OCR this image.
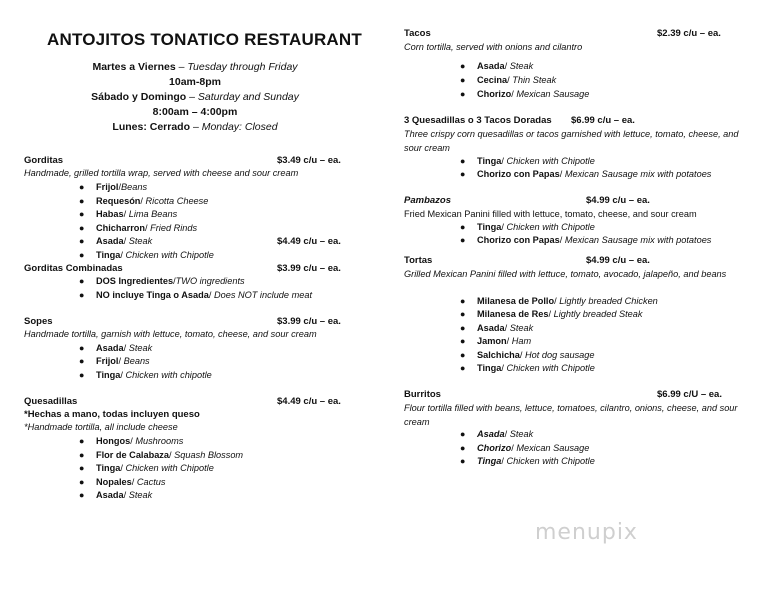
ANTOJITOS TONATICO RESTAURANT
Martes a Viernes – Tuesday through Friday
10am-8pm
Sábado y Domingo – Saturday and Sunday
8:00am – 4:00pm
Lunes: Cerrado – Monday: Closed
Gorditas	$3.49 c/u – ea.
Handmade, grilled tortilla wrap, served with cheese and sour cream
● Frijol/Beans
● Requesón/ Ricotta Cheese
● Habas/ Lima Beans
● Chicharron/ Fried Rinds
● Asada/ Steak	$4.49 c/u – ea.
● Tinga/ Chicken with Chipotle
Gorditas Combinadas	$3.99 c/u – ea.
● DOS Ingredientes/TWO ingredients
● NO incluye Tinga o Asada/ Does NOT include meat
Sopes	$3.99 c/u – ea.
Handmade tortilla, garnish with lettuce, tomato, cheese, and sour cream
● Asada/ Steak
● Frijol/ Beans
● Tinga/ Chicken with chipotle
Quesadillas	$4.49 c/u – ea.
*Hechas a mano, todas incluyen queso
*Handmade tortilla, all include cheese
● Hongos/ Mushrooms
● Flor de Calabaza/ Squash Blossom
● Tinga/ Chicken with Chipotle
● Nopales/ Cactus
● Asada/ Steak
Tacos	$2.39 c/u – ea.
Corn tortilla, served with onions and cilantro
● Asada/ Steak
● Cecina/ Thin Steak
● Chorizo/ Mexican Sausage
3 Quesadillas o 3 Tacos Doradas $6.99 c/u – ea.
Three crispy corn quesadillas or tacos garnished with lettuce, tomato, cheese, and sour cream
● Tinga/ Chicken with Chipotle
● Chorizo con Papas/ Mexican Sausage mix with potatoes
Pambazos	$4.99 c/u – ea.
Fried Mexican Panini filled with lettuce, tomato, cheese, and sour cream
● Tinga/ Chicken with Chipotle
● Chorizo con Papas/ Mexican Sausage mix with potatoes
Tortas	$4.99 c/u – ea.
Grilled Mexican Panini filled with lettuce, tomato, avocado, jalapeño, and beans
● Milanesa de Pollo/ Lightly breaded Chicken
● Milanesa de Res/ Lightly breaded Steak
● Asada/ Steak
● Jamon/ Ham
● Salchicha/ Hot dog sausage
● Tinga/ Chicken with Chipotle
Burritos	$6.99 c/U – ea.
Flour tortilla filled with beans, lettuce, tomatoes, cilantro, onions, cheese, and sour cream
● Asada/ Steak
● Chorizo/ Mexican Sausage
● Tinga/ Chicken with Chipotle
menupix
